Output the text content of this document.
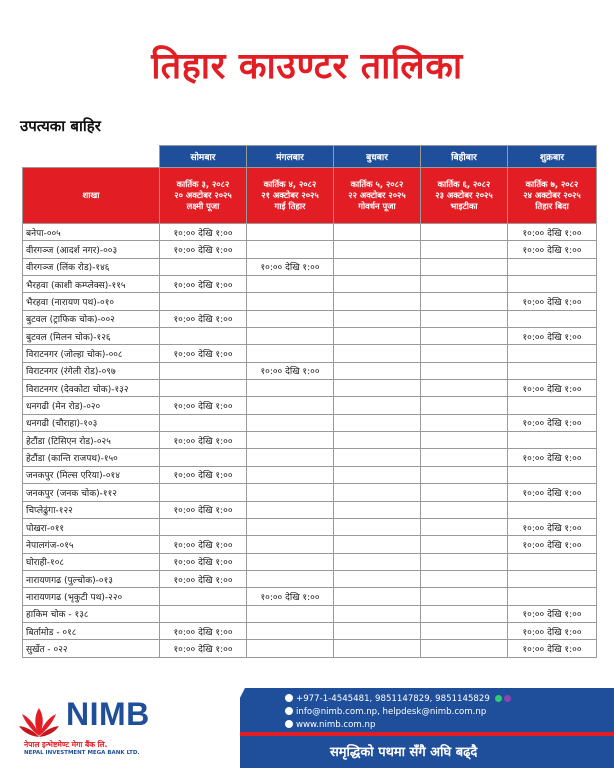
तिहार काउण्टर तालिका
उपत्यका बाहिर
	सोमबार	मंगलबार	बुधबार	बिहीबार	शुक्रबार
शाखा	कार्तिक ३, २०८२
२० अक्टोबर २०२५
लक्ष्मी पूजा	कार्तिक ४, २०८२
२१ अक्टोबर २०२५
गाई तिहार	कार्तिक ५, २०८२
२२ अक्टोबर २०२५
गोवर्धन पूजा	कार्तिक ६, २०८२
२३ अक्टोबर २०२५
भाइटीका	कार्तिक ७, २०८२
२४ अक्टोबर २०२५
तिहार बिदा

बनेपा-००५	१०:०० देखि १:००				१०:०० देखि १:००
वीरगञ्ज (आदर्श नगर)-००३	१०:०० देखि १:००				१०:०० देखि १:००
वीरगञ्ज (लिंक रोड)-१४६		१०:०० देखि १:००			
भैरहवा (काशी कम्प्लेक्स)-११५	१०:०० देखि १:००				
भैरहवा (नारायण पथ)-०१०					१०:०० देखि १:००
बुटवल (ट्राफिक चोक)-००२	१०:०० देखि १:००				
बुटवल (मिलन चोक)-१२६					१०:०० देखि १:००
विराटनगर (जोल्हा चोक)-००८	१०:०० देखि १:००				
विराटनगर (रंगेली रोड)-०९७		१०:०० देखि १:००			
विराटनगर (देवकोटा चोक)-१३२					१०:०० देखि १:००
धनगढी (मेन रोड)-०२०	१०:०० देखि १:००				
धनगढी (चौराहा)-१०३					१०:०० देखि १:००
हेटौंडा (टिसिएन रोड)-०२५	१०:०० देखि १:००				
हेटौंडा (कान्ति राजपथ)-१५०					१०:०० देखि १:००
जनकपुर (मिल्स एरिया)-०१४	१०:०० देखि १:००				
जनकपुर (जनक चोक)-११२					१०:०० देखि १:००
चिप्लेढुंगा-१२२	१०:०० देखि १:००				
पोखरा-०११					१०:०० देखि १:००
नेपालगंज-०१५	१०:०० देखि १:००				१०:०० देखि १:००
घोराही-१०८	१०:०० देखि १:००				
नारायणगढ (पुल्चोक)-०१३	१०:०० देखि १:००				
नारायणगढ (भृकुटी पथ)-२२०		१०:०० देखि १:००			
हाकिम चोक - १३८					१०:०० देखि १:००
बिर्तामोड - ०१८	१०:०० देखि १:००				१०:०० देखि १:००
सुर्खेत - ०२२	१०:०० देखि १:००				१०:०० देखि १:००
NIMB
नेपाल इन्भेष्टमेण्ट मेगा बैंक लि.
NEPAL INVESTMENT MEGA BANK LTD.
+977-1-4545481, 9851147829, 9851145829
info@nimb.com.np, helpdesk@nimb.com.np
www.nimb.com.np
समृद्धिको पथमा सँगै अघि बढ्दै
